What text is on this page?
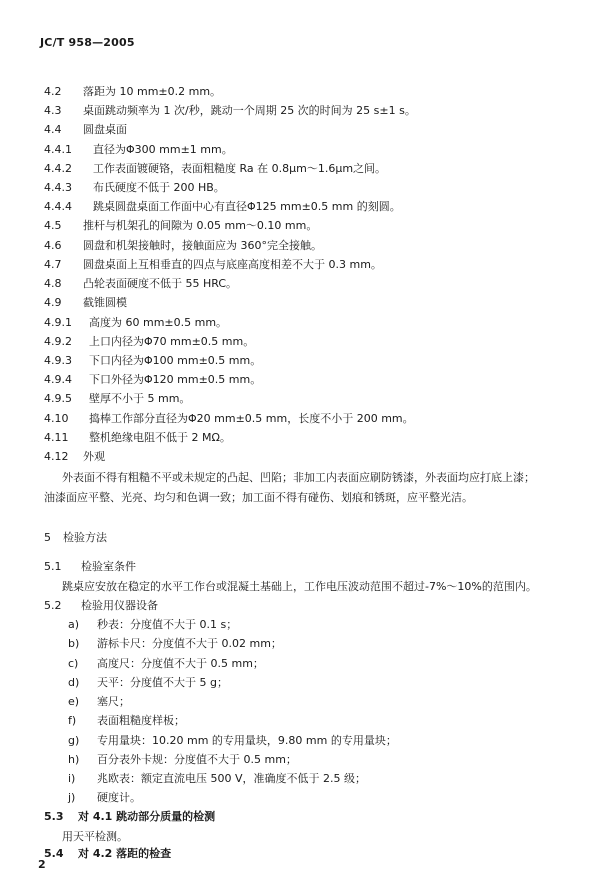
JC/T 958—2005
4.2 落距为 10 mm±0.2 mm。
4.3 桌面跳动频率为 1 次/秒，跳动一个周期 25 次的时间为 25 s±1 s。
4.4 圆盘桌面
4.4.1 直径为Φ300 mm±1 mm。
4.4.2 工作表面镀硬铬，表面粗糙度 Ra 在 0.8μm～1.6μm之间。
4.4.3 布氏硬度不低于 200 HB。
4.4.4 跳桌圆盘桌面工作面中心有直径Φ125 mm±0.5 mm 的刻圆。
4.5 推杆与机架孔的间隙为 0.05 mm～0.10 mm。
4.6 圆盘和机架接触时，接触面应为 360°完全接触。
4.7 圆盘桌面上互相垂直的四点与底座高度相差不大于 0.3 mm。
4.8 凸轮表面硬度不低于 55 HRC。
4.9 截锥圆模
4.9.1 高度为 60 mm±0.5 mm。
4.9.2 上口内径为Φ70 mm±0.5 mm。
4.9.3 下口内径为Φ100 mm±0.5 mm。
4.9.4 下口外径为Φ120 mm±0.5 mm。
4.9.5 壁厚不小于 5 mm。
4.10 捣棒工作部分直径为Φ20 mm±0.5 mm，长度不小于 200 mm。
4.11 整机绝缘电阻不低于 2 MΩ。
4.12 外观
外表面不得有粗糙不平或未规定的凸起、凹陷；非加工内表面应刷防锈漆，外表面均应打底上漆；
油漆面应平整、光亮、均匀和色调一致；加工面不得有碰伤、划痕和锈斑，应平整光洁。
5 检验方法
5.1 检验室条件
跳桌应安放在稳定的水平工作台或混凝土基础上，工作电压波动范围不超过-7%～10%的范围内。
5.2 检验用仪器设备
a) 秒表：分度值不大于 0.1 s；
b) 游标卡尺：分度值不大于 0.02 mm；
c) 高度尺：分度值不大于 0.5 mm；
d) 天平：分度值不大于 5 g；
e) 塞尺；
f) 表面粗糙度样板；
g) 专用量块：10.20 mm 的专用量块，9.80 mm 的专用量块；
h) 百分表外卡规：分度值不大于 0.5 mm；
i) 兆欧表：额定直流电压 500 V，准确度不低于 2.5 级；
j) 硬度计。
5.3 对 4.1 跳动部分质量的检测
用天平检测。
5.4 对 4.2 落距的检查
2
